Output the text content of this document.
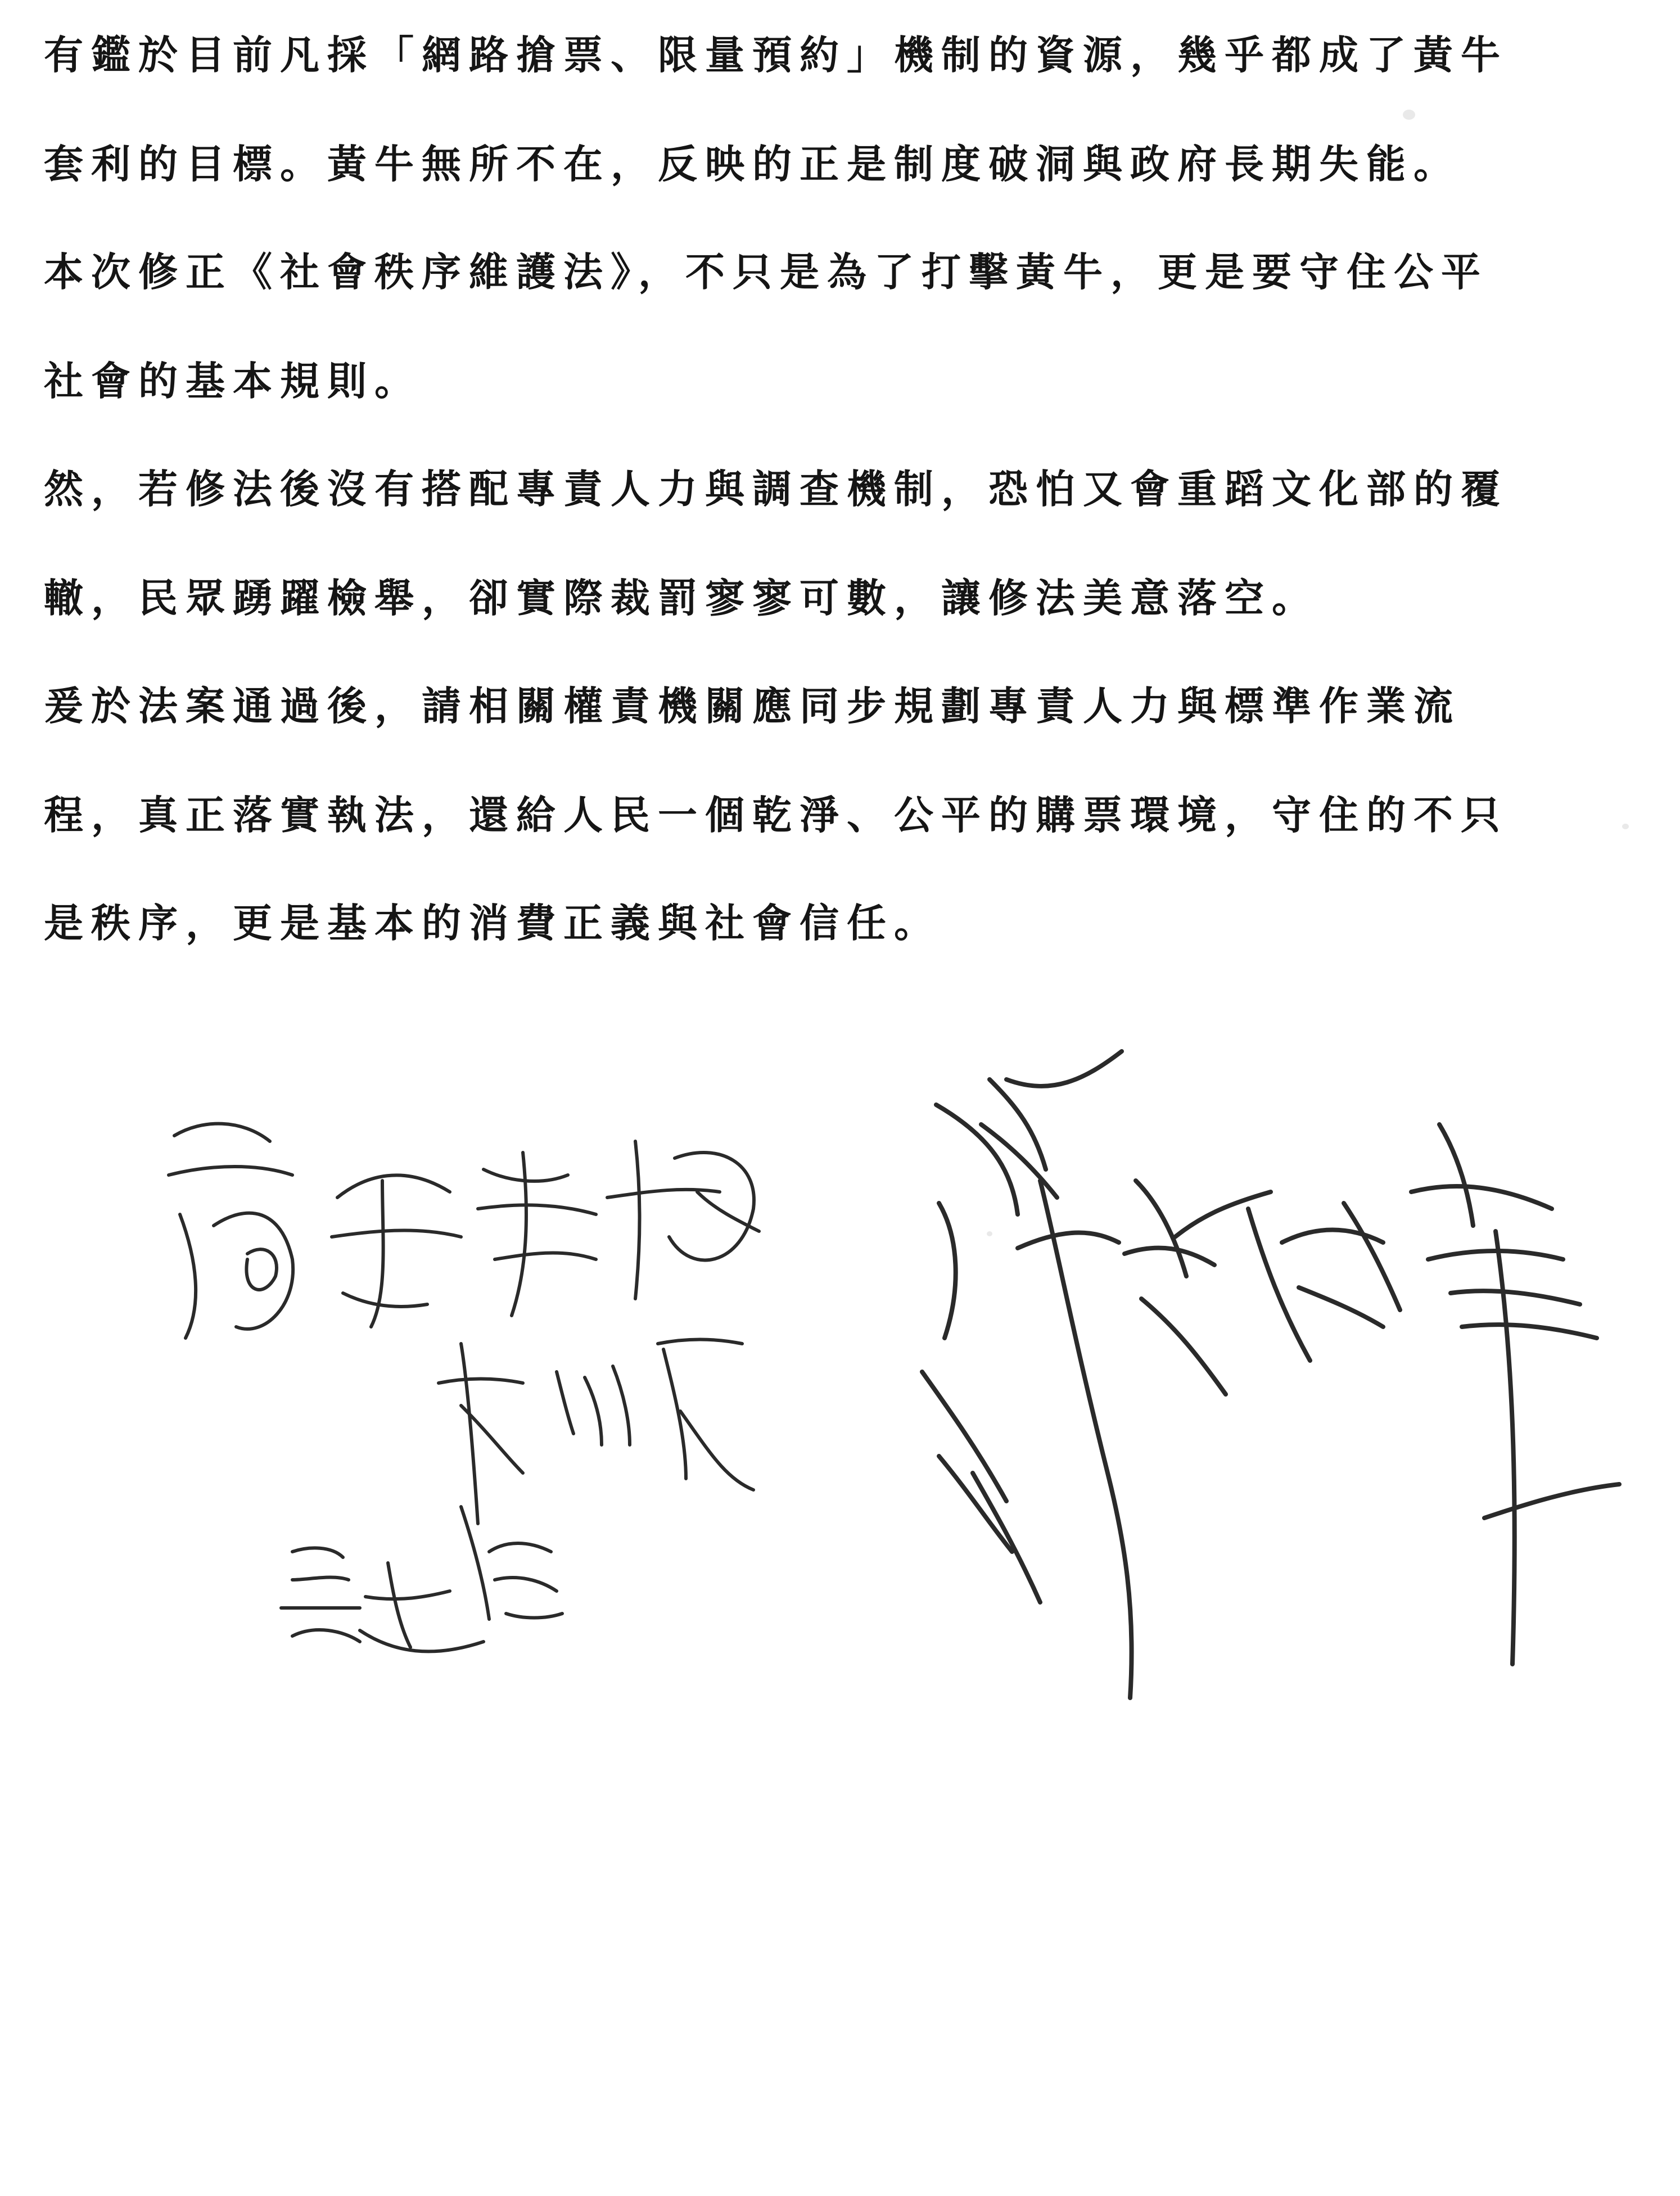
有鑑於目前凡採「網路搶票、限量預約」機制的資源，幾乎都成了黃牛
套利的目標。黃牛無所不在，反映的正是制度破洞與政府長期失能。
本次修正《社會秩序維護法》，不只是為了打擊黃牛，更是要守住公平
社會的基本規則。
然，若修法後沒有搭配專責人力與調查機制，恐怕又會重蹈文化部的覆
轍，民眾踴躍檢舉，卻實際裁罰寥寥可數，讓修法美意落空。
爰於法案通過後，請相關權責機關應同步規劃專責人力與標準作業流
程，真正落實執法，還給人民一個乾淨、公平的購票環境，守住的不只
是秩序，更是基本的消費正義與社會信任。
